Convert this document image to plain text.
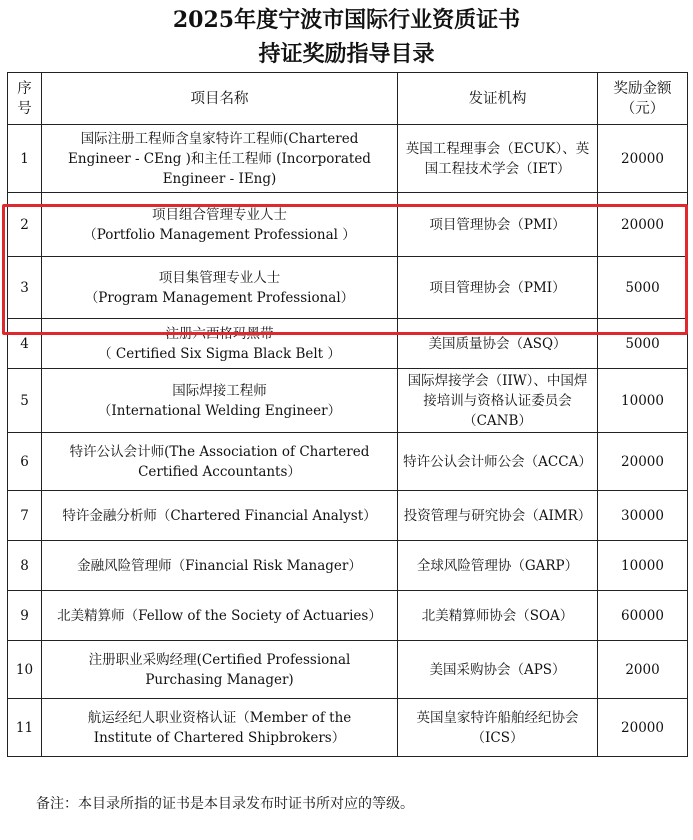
2025年度宁波市国际行业资质证书
持证奖励指导目录
序号	项目名称	发证机构	奖励金额
（元）

1	国际注册工程师含皇家特许工程师(Chartered
Engineer - CEng )和主任工程师 (Incorporated
Engineer - IEng)	英国工程理事会（ECUK）、英国工程技术学会（IET）	20000
2	项目组合管理专业人士
（Portfolio Management Professional ）	项目管理协会（PMI）	20000
3	项目集管理专业人士
（Program Management Professional）	项目管理协会（PMI）	5000
4	注册六西格玛黑带
（ Certified Six Sigma Black Belt ）	美国质量协会（ASQ）	5000
5	国际焊接工程师
（International Welding Engineer）	国际焊接学会（IIW）、中国焊接培训与资格认证委员会（CANB）	10000
6	特许公认会计师(The Association of Chartered
Certified Accountants）	特许公认会计师公会（ACCA）	20000
7	特许金融分析师（Chartered Financial Analyst）	投资管理与研究协会（AIMR）	30000
8	金融风险管理师（Financial Risk Manager）	全球风险管理协（GARP）	10000
9	北美精算师（Fellow of the Society of Actuaries）	北美精算师协会（SOA）	60000
10	注册职业采购经理(Certified Professional
Purchasing Manager)	美国采购协会（APS）	2000
11	航运经纪人职业资格认证（Member of the
Institute of Chartered Shipbrokers）	英国皇家特许船舶经纪协会（ICS）	20000
备注：本目录所指的证书是本目录发布时证书所对应的等级。
